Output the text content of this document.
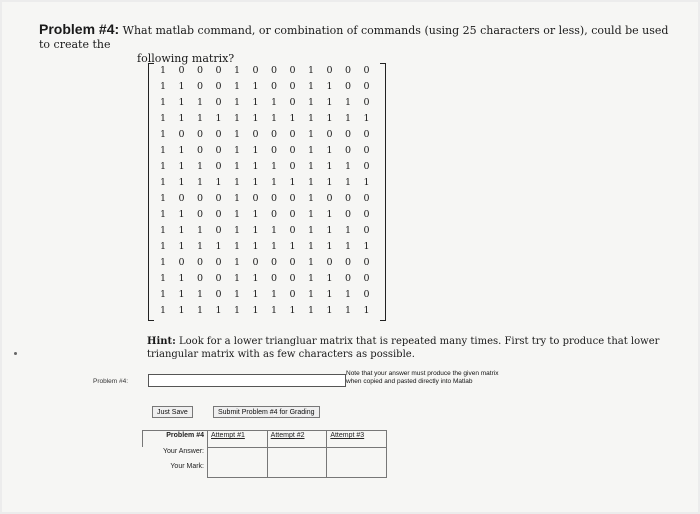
Problem #4: What matlab command, or combination of commands (using 25 characters or less), could be used to create the
following matrix?
1	0	0	0	1	0	0	0	1	0	0	0
1	1	0	0	1	1	0	0	1	1	0	0
1	1	1	0	1	1	1	0	1	1	1	0
1	1	1	1	1	1	1	1	1	1	1	1
1	0	0	0	1	0	0	0	1	0	0	0
1	1	0	0	1	1	0	0	1	1	0	0
1	1	1	0	1	1	1	0	1	1	1	0
1	1	1	1	1	1	1	1	1	1	1	1
1	0	0	0	1	0	0	0	1	0	0	0
1	1	0	0	1	1	0	0	1	1	0	0
1	1	1	0	1	1	1	0	1	1	1	0
1	1	1	1	1	1	1	1	1	1	1	1
1	0	0	0	1	0	0	0	1	0	0	0
1	1	0	0	1	1	0	0	1	1	0	0
1	1	1	0	1	1	1	0	1	1	1	0
1	1	1	1	1	1	1	1	1	1	1	1
Hint: Look for a lower triangluar matrix that is repeated many times. First try to produce that lower triangular matrix with as few characters as possible.
Problem #4:
Note that your answer must produce the given matrix
when copied and pasted directly into Matlab
Just Save	Submit Problem #4 for Grading
Problem #4	Attempt #1	Attempt #2	Attempt #3
Your Answer:			
Your Mark:			
